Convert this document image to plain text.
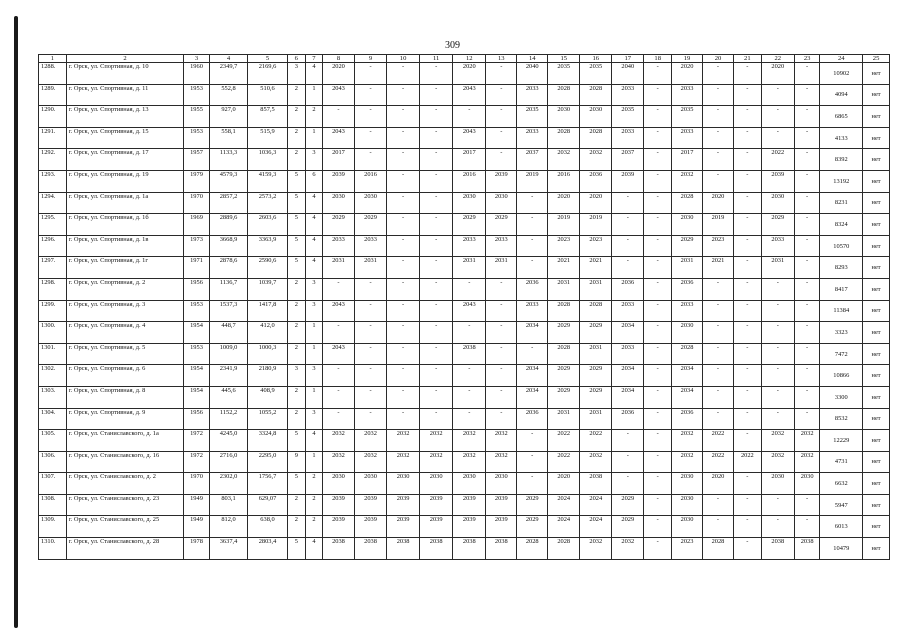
309
1	2	3	4	5	6	7	8	9	10	11	12	13	14	15	16	17	18	19	20	21	22	23	24	25
1288.	г. Орск, ул. Спортивная, д. 10	1960	2349,7	2169,6	3	4	2020	-	-	-	2020	-	2040	2035	2035	2040	-	2020	-	-	2020	-	10902	нет
1289.	г. Орск, ул. Спортивная, д. 11	1953	552,8	510,6	2	1	2043	-	-	-	2043	-	2033	2028	2028	2033	-	2033	-	-	-	-	4094	нет
1290.	г. Орск, ул. Спортивная, д. 13	1955	927,0	857,5	2	2	-	-	-	-	-	-	2035	2030	2030	2035	-	2035	-	-	-	-	6865	нет
1291.	г. Орск, ул. Спортивная, д. 15	1953	558,1	515,9	2	1	2043	-	-	-	2043	-	2033	2028	2028	2033	-	2033	-	-	-	-	4133	нет
1292.	г. Орск, ул. Спортивная, д. 17	1957	1133,3	1036,3	2	3	2017	-	-	-	2017	-	2037	2032	2032	2037	-	2017	-	-	2022	-	8392	нет
1293.	г. Орск, ул. Спортивная, д. 19	1979	4579,3	4159,3	5	6	2039	2016	-	-	2016	2039	2019	2016	2036	2039	-	2032	-	-	2039	-	13192	нет
1294.	г. Орск, ул. Спортивная, д. 1а	1970	2857,2	2573,2	5	4	2030	2030	-	-	2030	2030	-	2020	2020	-	-	2028	2020	-	2030	-	8231	нет
1295.	г. Орск, ул. Спортивная, д. 1б	1969	2889,6	2603,6	5	4	2029	2029	-	-	2029	2029	-	2019	2019	-	-	2030	2019	-	2029	-	8324	нет
1296.	г. Орск, ул. Спортивная, д. 1в	1973	3668,9	3363,9	5	4	2033	2033	-	-	2033	2033	-	2023	2023	-	-	2029	2023	-	2033	-	10570	нет
1297.	г. Орск, ул. Спортивная, д. 1г	1971	2878,6	2590,6	5	4	2031	2031	-	-	2031	2031	-	2021	2021	-	-	2031	2021	-	2031	-	8293	нет
1298.	г. Орск, ул. Спортивная, д. 2	1956	1136,7	1039,7	2	3	-	-	-	-	-	-	2036	2031	2031	2036	-	2036	-	-	-	-	8417	нет
1299.	г. Орск, ул. Спортивная, д. 3	1953	1537,3	1417,8	2	3	2043	-	-	-	2043	-	2033	2028	2028	2033	-	2033	-	-	-	-	11384	нет
1300.	г. Орск, ул. Спортивная, д. 4	1954	448,7	412,0	2	1	-	-	-	-	-	-	2034	2029	2029	2034	-	2030	-	-	-	-	3323	нет
1301.	г. Орск, ул. Спортивная, д. 5	1953	1009,0	1000,3	2	1	2043	-	-	-	2038	-	-	2028	2031	2033	-	2028	-	-	-	-	7472	нет
1302.	г. Орск, ул. Спортивная, д. 6	1954	2341,9	2180,9	3	3	-	-	-	-	-	-	2034	2029	2029	2034	-	2034	-	-	-	-	10866	нет
1303.	г. Орск, ул. Спортивная, д. 8	1954	445,6	408,9	2	1	-	-	-	-	-	-	2034	2029	2029	2034	-	2034	-	-	-	-	3300	нет
1304.	г. Орск, ул. Спортивная, д. 9	1956	1152,2	1055,2	2	3	-	-	-	-	-	-	2036	2031	2031	2036	-	2036	-	-	-	-	8532	нет
1305.	г. Орск, ул. Станиславского, д. 1а	1972	4245,0	3324,8	5	4	2032	2032	2032	2032	2032	2032	-	2022	2022	-	-	2032	2022	-	2032	2032	12229	нет
1306.	г. Орск, ул. Станиславского, д. 16	1972	2716,0	2295,0	9	1	2032	2032	2032	2032	2032	2032	-	2022	2032	-	-	2032	2022	2022	2032	2032	4731	нет
1307.	г. Орск, ул. Станиславского, д. 2	1970	2302,0	1756,7	5	2	2030	2030	2030	2030	2030	2030	-	2020	2038	-	-	2030	2020	-	2030	2030	6632	нет
1308.	г. Орск, ул. Станиславского, д. 23	1949	803,1	629,07	2	2	2039	2039	2039	2039	2039	2039	2029	2024	2024	2029	-	2030	-	-	-	-	5947	нет
1309.	г. Орск, ул. Станиславского, д. 25	1949	812,0	638,0	2	2	2039	2039	2039	2039	2039	2039	2029	2024	2024	2029	-	2030	-	-	-	-	6013	нет
1310.	г. Орск, ул. Станиславского, д. 28	1978	3637,4	2803,4	5	4	2038	2038	2038	2038	2038	2038	2028	2028	2032	2032	-	2023	2028	-	2038	2038	10479	нет
